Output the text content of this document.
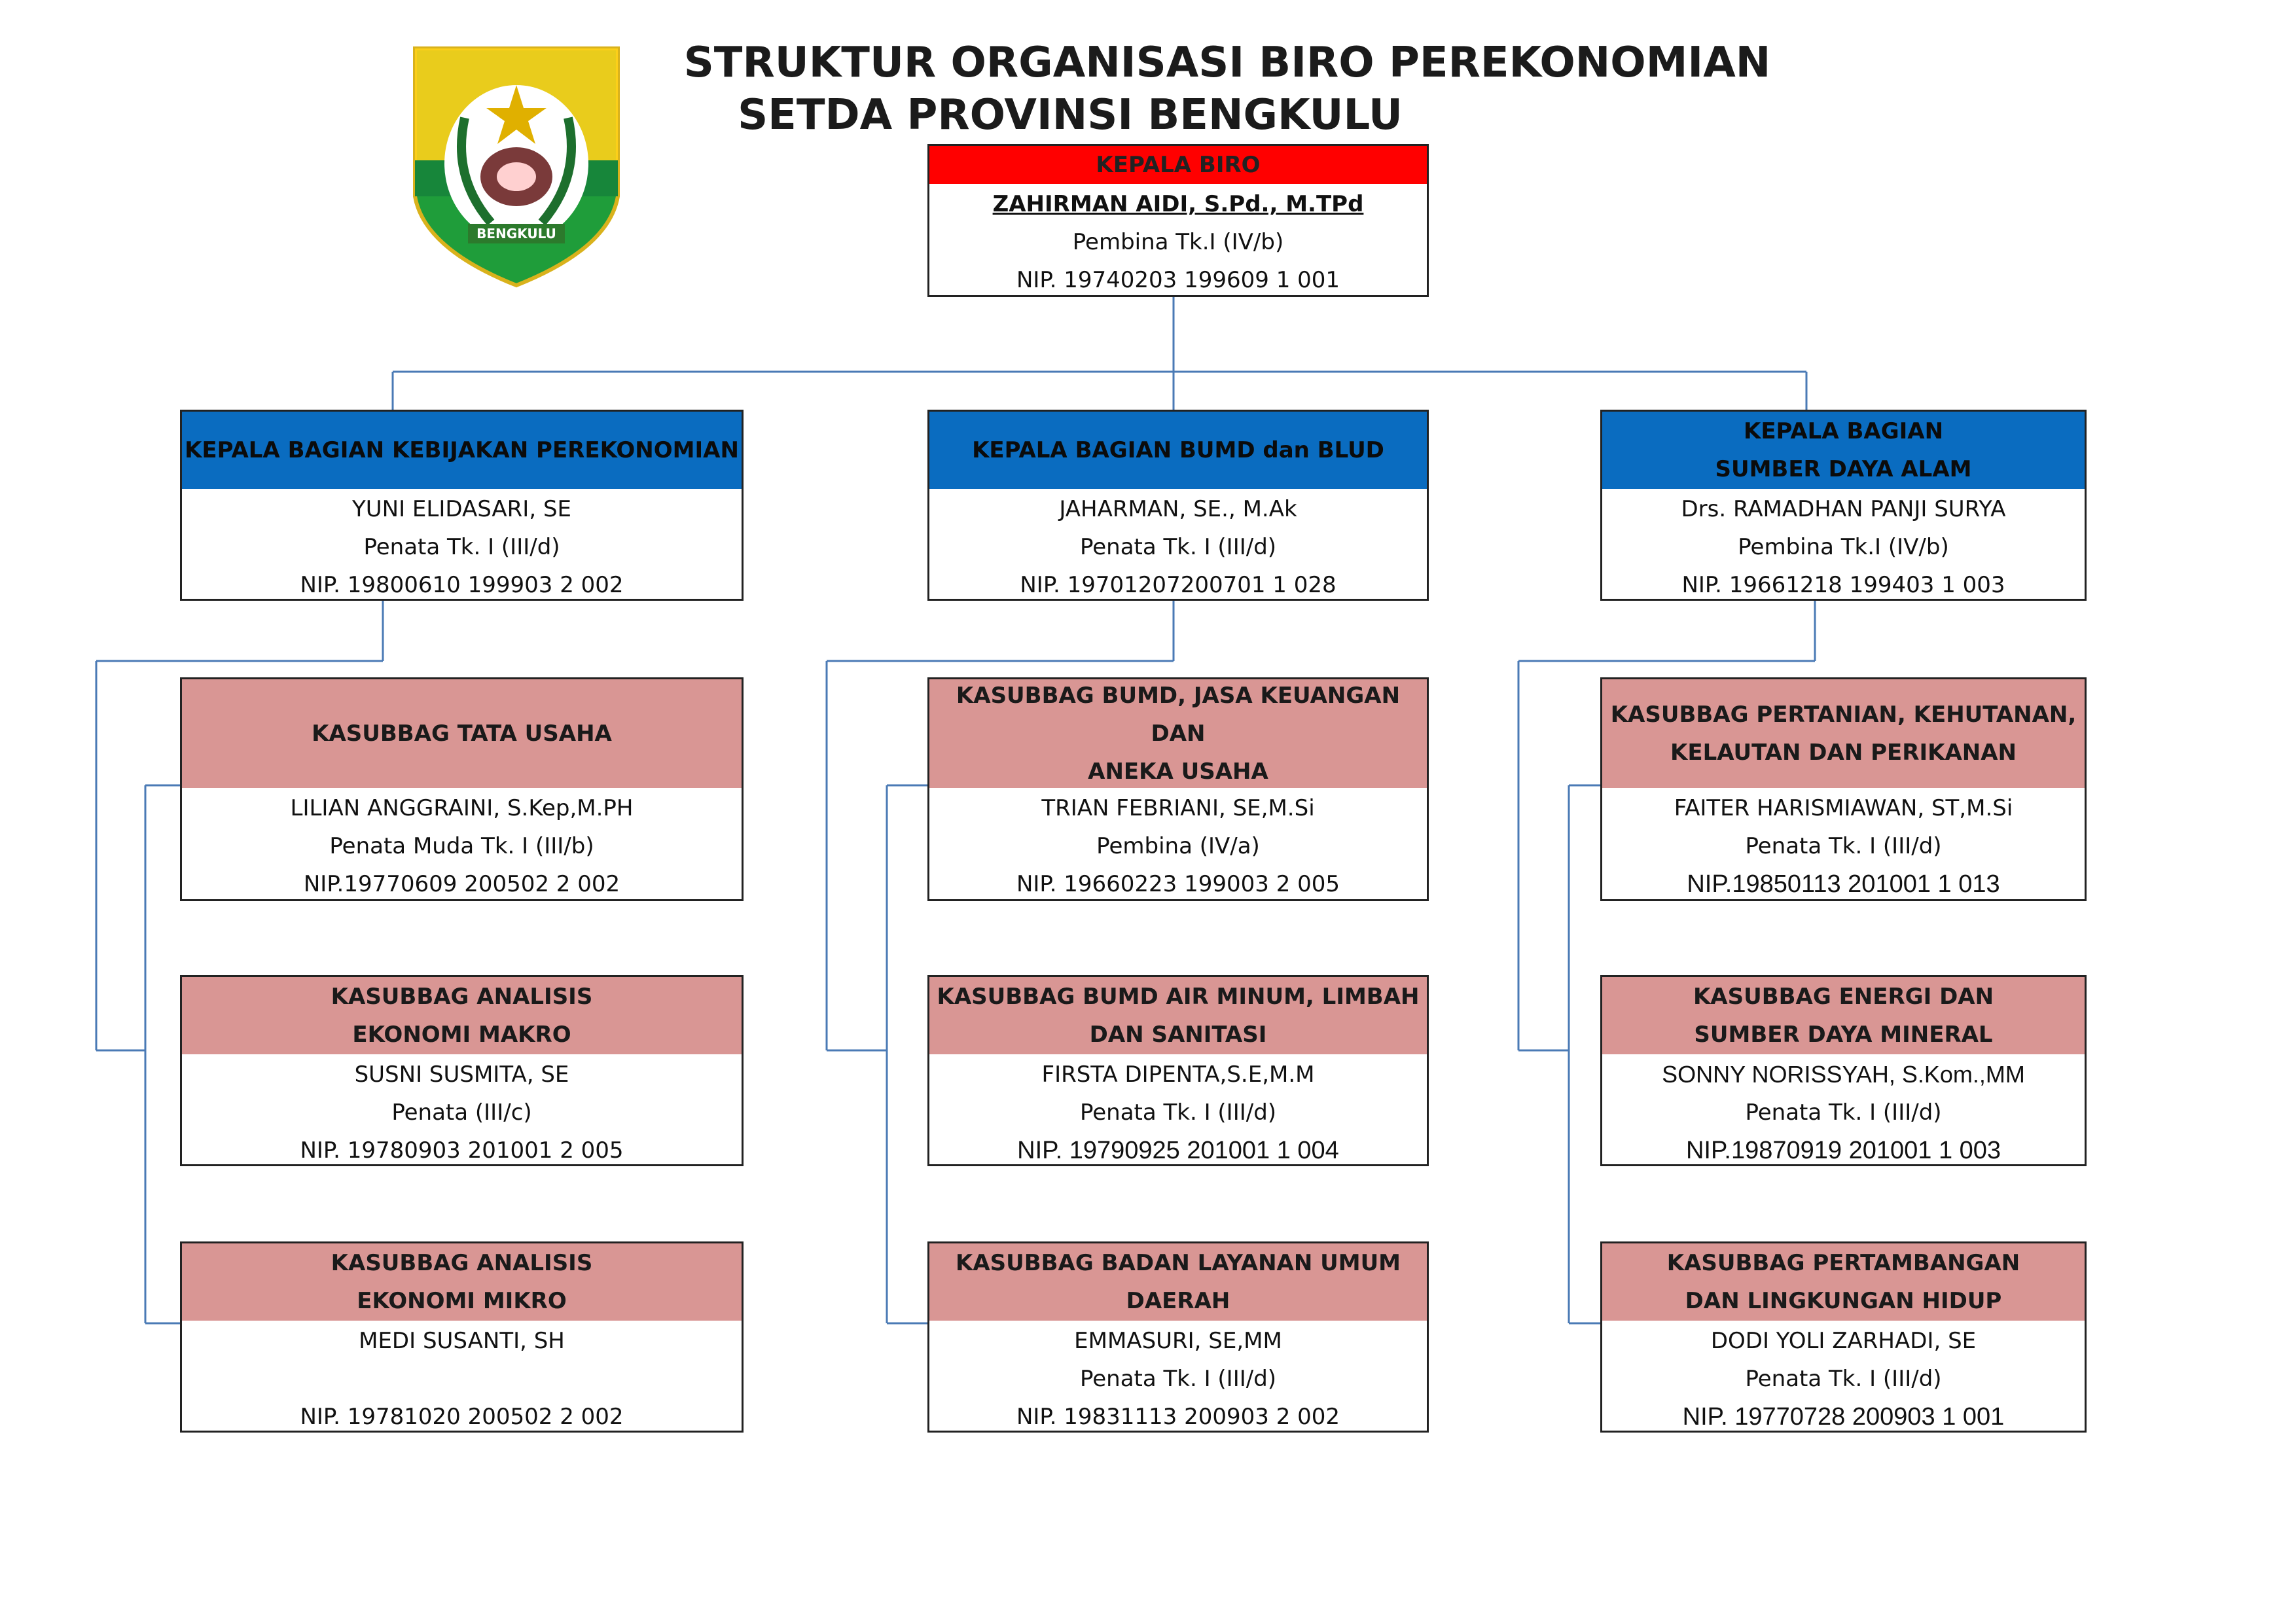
STRUKTUR ORGANISASI BIRO PEREKONOMIAN

SETDA PROVINSI BENGKULU
BENGKULU
KEPALA BIRO
ZAHIRMAN AIDI, S.Pd., M.TPd
Pembina Tk.I (IV/b)
NIP. 19740203 199609 1 001
KEPALA BAGIAN KEBIJAKAN PEREKONOMIAN
YUNI ELIDASARI, SE
Penata Tk. I (III/d)
NIP. 19800610 199903 2 002
KEPALA BAGIAN BUMD dan BLUD
JAHARMAN, SE., M.Ak
Penata Tk. I (III/d)
NIP. 19701207200701 1 028
KEPALA BAGIAN
SUMBER DAYA ALAM
Drs. RAMADHAN PANJI SURYA
Pembina Tk.I (IV/b)
NIP. 19661218 199403 1 003
KASUBBAG TATA USAHA
LILIAN ANGGRAINI, S.Kep,M.PH
Penata Muda Tk. I (III/b)
NIP.19770609 200502 2 002
KASUBBAG ANALISIS
EKONOMI MAKRO
SUSNI SUSMITA, SE
Penata (III/c)
NIP. 19780903 201001 2 005
KASUBBAG ANALISIS
EKONOMI MIKRO
MEDI SUSANTI, SH
NIP. 19781020 200502 2 002
KASUBBAG BUMD, JASA KEUANGAN DAN
ANEKA USAHA
TRIAN FEBRIANI, SE,M.Si
Pembina (IV/a)
NIP. 19660223 199003 2 005
KASUBBAG BUMD AIR MINUM, LIMBAH
DAN SANITASI
FIRSTA DIPENTA,S.E,M.M
Penata Tk. I (III/d)
NIP. 19790925 201001 1 004
KASUBBAG BADAN LAYANAN UMUM
DAERAH
EMMASURI, SE,MM
Penata Tk. I (III/d)
NIP. 19831113 200903 2 002
KASUBBAG PERTANIAN, KEHUTANAN,
KELAUTAN DAN PERIKANAN
FAITER HARISMIAWAN, ST,M.Si
Penata Tk. I (III/d)
NIP.19850113 201001 1 013
KASUBBAG ENERGI DAN
SUMBER DAYA MINERAL
SONNY NORISSYAH, S.Kom.,MM
Penata Tk. I (III/d)
NIP.19870919 201001 1 003
KASUBBAG PERTAMBANGAN
DAN LINGKUNGAN HIDUP
DODI YOLI ZARHADI, SE
Penata Tk. I (III/d)
NIP. 19770728 200903 1 001
